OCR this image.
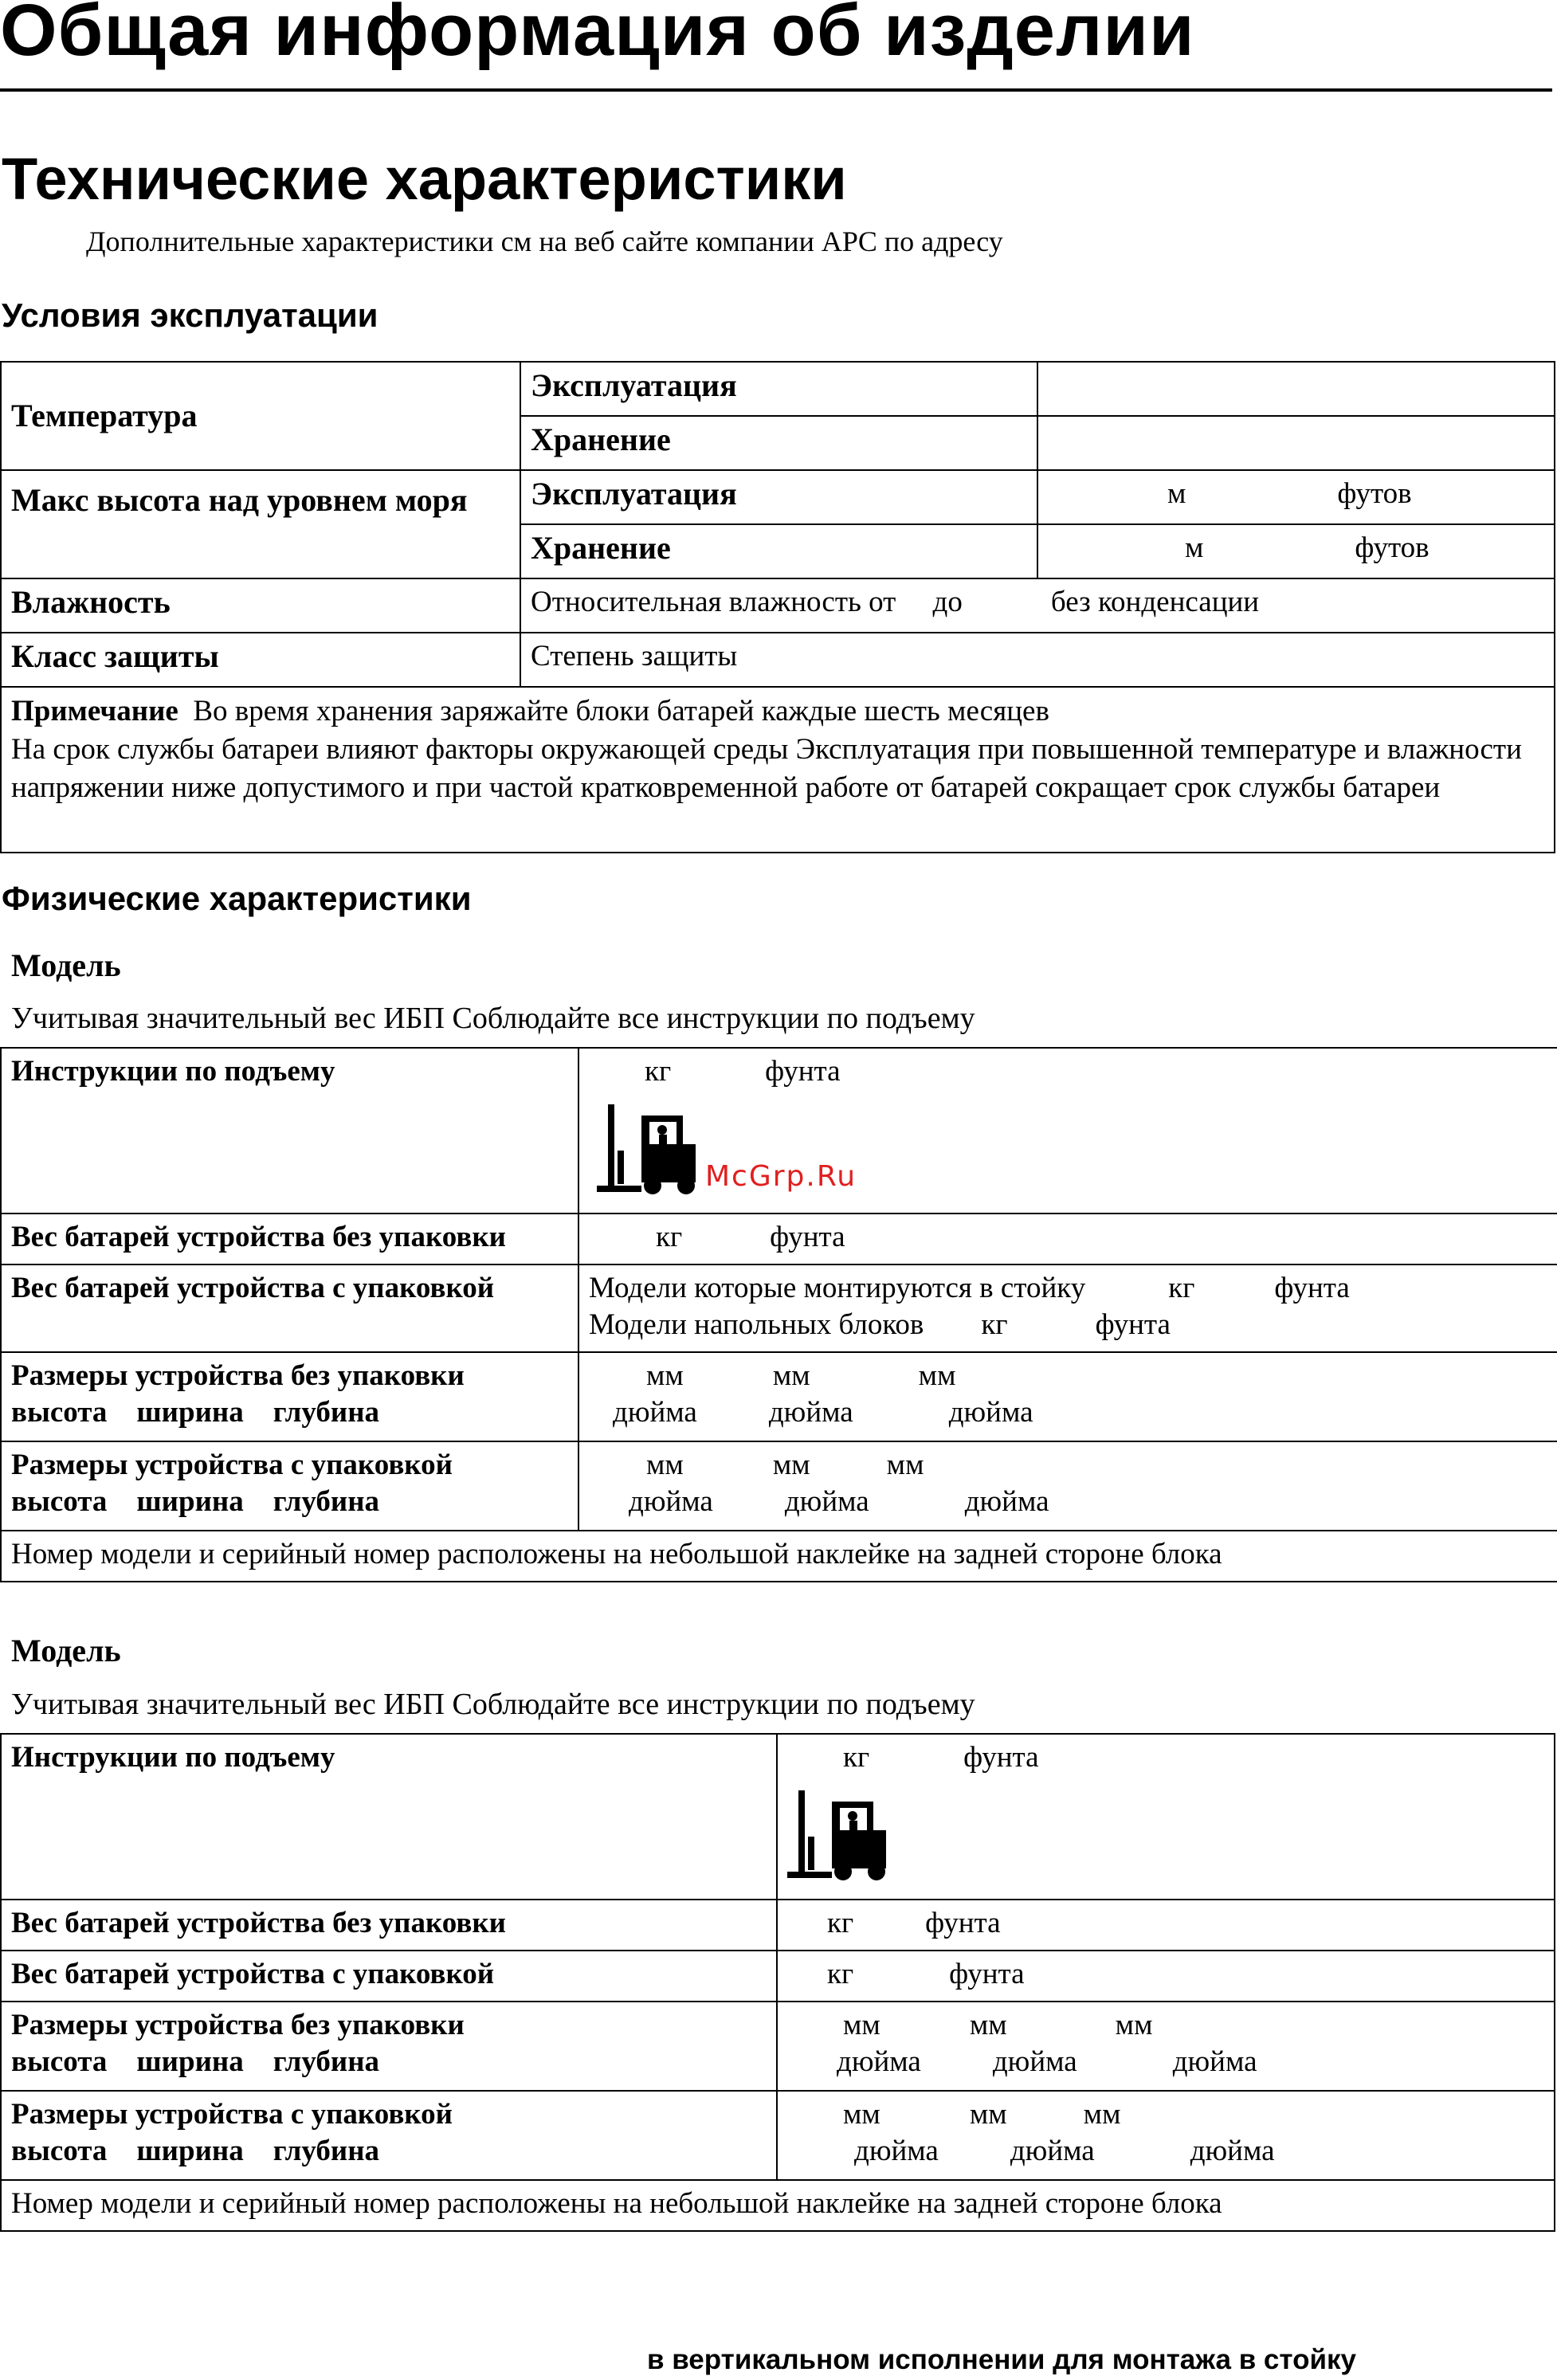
Общая информация об изделии
Технические характеристики
Дополнительные характеристики см на веб сайте компании APC по адресу
Условия эксплуатации
Температура	Эксплуатация	
	Хранение	
Макс высота над уровнем моря	Эксплуатация	м футов
	Хранение	м футов
Влажность	Относительная влажность от     до            без конденсации	
Класс защиты	Степень защиты	
Примечание Во время хранения заряжайте блоки батарей каждые шесть месяцев
На срок службы батареи влияют факторы окружающей среды Эксплуатация при повышенной температуре и влажности напряжении ниже допустимого и при частой кратковременной работе от батарей сокращает срок службы батареи		
Физические характеристики
Модель
Учитывая значительный вес ИБП Соблюдайте все инструкции по подъему
Инструкции по подъему	кг фунта
McGrp.Ru

Вес батарей устройства без упаковки	кг фунта
Вес батарей устройства с упаковкой	Модели которые монтируются в стойку кг фунта
Модели напольных блоков кг фунта

Размеры устройства без упаковки
высота    ширина    глубина	мм мм мм
дюйма дюйма дюйма

Размеры устройства с упаковкой
высота    ширина    глубина	мм мм мм
дюйма дюйма дюйма

Номер модели и серийный номер расположены на небольшой наклейке на задней стороне блока	
Модель
Учитывая значительный вес ИБП Соблюдайте все инструкции по подъему
Инструкции по подъему	кг фунта

Вес батарей устройства без упаковки	кг фунта
Вес батарей устройства с упаковкой	кг фунта

Размеры устройства без упаковки
высота    ширина    глубина	мм мм мм
дюйма дюйма дюйма

Размеры устройства с упаковкой
высота    ширина    глубина	мм мм мм
дюйма дюйма дюйма

Номер модели и серийный номер расположены на небольшой наклейке на задней стороне блока	
в вертикальном исполнении для монтажа в стойку
